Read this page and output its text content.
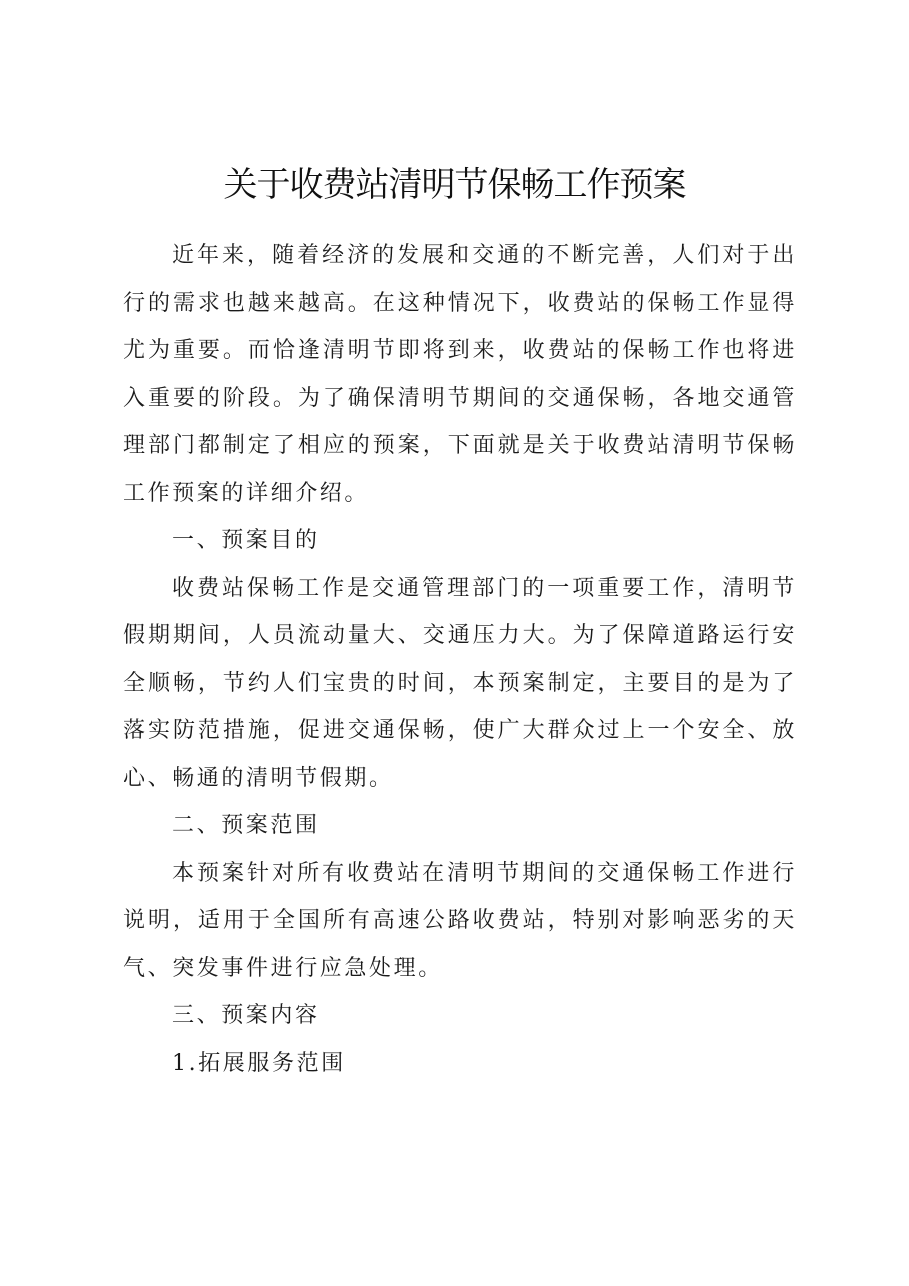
关于收费站清明节保畅工作预案

近年来，随着经济的发展和交通的不断完善，人们对于出行的需求也越来越高。在这种情况下，收费站的保畅工作显得尤为重要。而恰逢清明节即将到来，收费站的保畅工作也将进入重要的阶段。为了确保清明节期间的交通保畅，各地交通管理部门都制定了相应的预案，下面就是关于收费站清明节保畅工作预案的详细介绍。

一、预案目的

收费站保畅工作是交通管理部门的一项重要工作，清明节假期期间，人员流动量大、交通压力大。为了保障道路运行安全顺畅，节约人们宝贵的时间，本预案制定，主要目的是为了落实防范措施，促进交通保畅，使广大群众过上一个安全、放心、畅通的清明节假期。

二、预案范围

本预案针对所有收费站在清明节期间的交通保畅工作进行说明，适用于全国所有高速公路收费站，特别对影响恶劣的天气、突发事件进行应急处理。

三、预案内容

1.拓展服务范围
